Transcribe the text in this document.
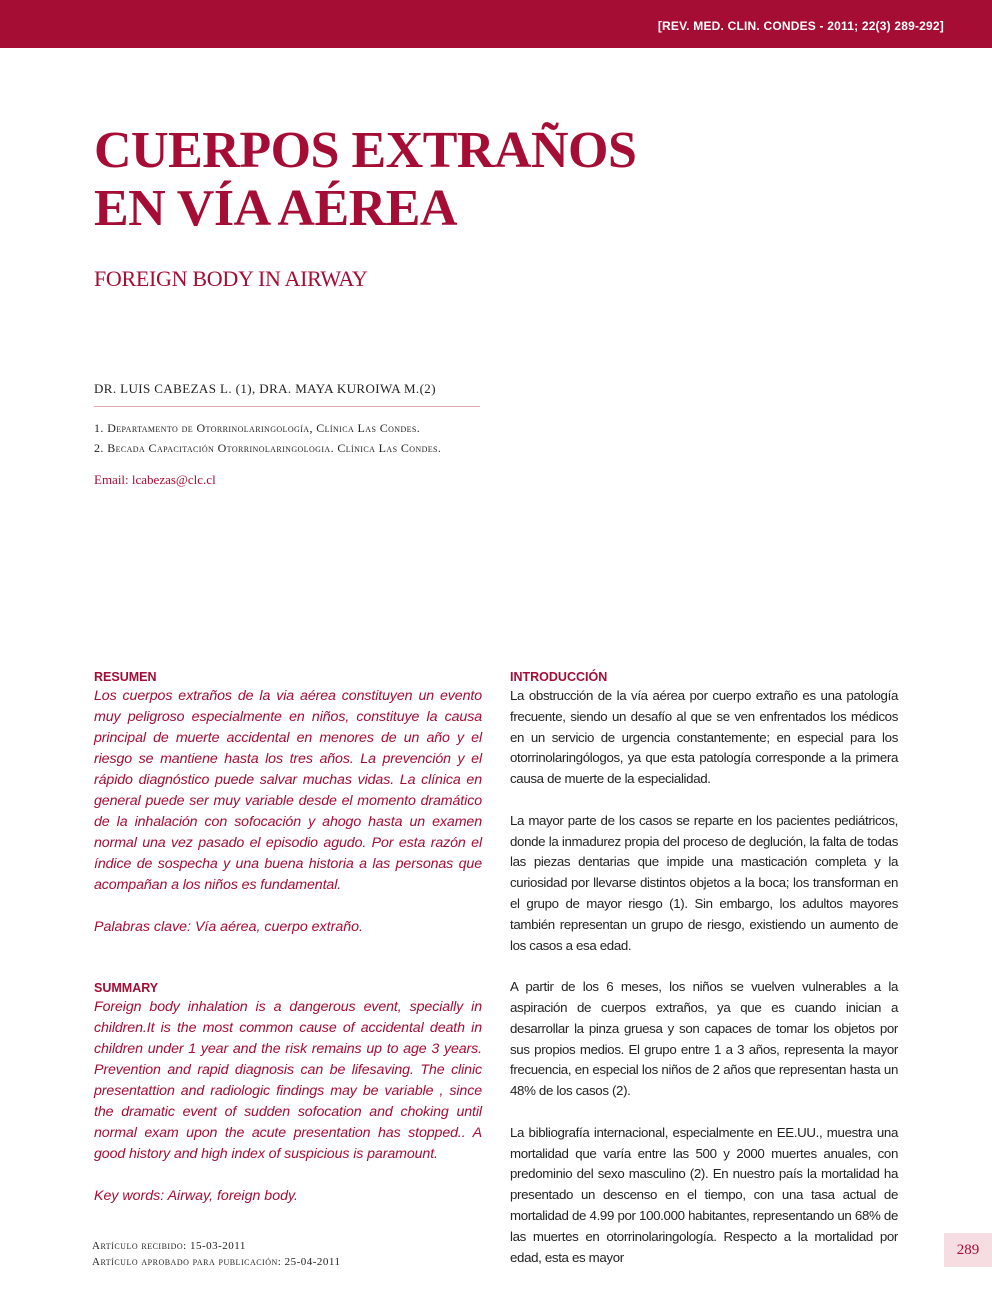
[REV. MED. CLIN. CONDES - 2011; 22(3) 289-292]
CUERPOS EXTRAÑOS
EN VÍA AÉREA
FOREIGN BODY IN AIRWAY
DR. LUIS CABEZAS L. (1), DRA. MAYA KUROIWA M.(2)
1. Departamento de Otorrinolaringología, Clínica Las Condes.
2. Becada Capacitación Otorrinolaringologia. Clínica Las Condes.
Email: lcabezas@clc.cl
RESUMEN

Los cuerpos extraños de la via aérea constituyen un evento muy peligroso especialmente en niños, constituye la causa principal de muerte accidental en menores de un año y el riesgo se mantiene hasta los tres años. La prevención y el rápido diagnóstico puede salvar muchas vidas. La clínica en general puede ser muy variable desde el momento dramático de la inhalación con sofocación y ahogo hasta un examen normal una vez pasado el episodio agudo. Por esta razón el índice de sospecha y una buena historia a las personas que acompañan a los niños es fundamental.

Palabras clave: Vía aérea, cuerpo extraño.

SUMMARY

Foreign body inhalation is a dangerous event, specially in children.It is the most common cause of accidental death in children under 1 year and the risk remains up to age 3 years. Prevention and rapid diagnosis can be lifesaving. The clinic presentattion and radiologic findings may be variable , since the dramatic event of sudden sofocation and choking until normal exam upon the acute presentation has stopped.. A good history and high index of suspicious is paramount.

Key words: Airway, foreign body.

INTRODUCCIÓN

La obstrucción de la vía aérea por cuerpo extraño es una patología frecuente, siendo un desafío al que se ven enfrentados los médicos en un servicio de urgencia constantemente; en especial para los otorrinolaringólogos, ya que esta patología corresponde a la primera causa de muerte de la especialidad.

La mayor parte de los casos se reparte en los pacientes pediátricos, donde la inmadurez propia del proceso de deglución, la falta de todas las piezas dentarias que impide una masticación completa y la curiosidad por llevarse distintos objetos a la boca; los transforman en el grupo de mayor riesgo (1). Sin embargo, los adultos mayores también representan un grupo de riesgo, existiendo un aumento de los casos a esa edad.

A partir de los 6 meses, los niños se vuelven vulnerables a la aspiración de cuerpos extraños, ya que es cuando inician a desarrollar la pinza gruesa y son capaces de tomar los objetos por sus propios medios. El grupo entre 1 a 3 años, representa la mayor frecuencia, en especial los niños de 2 años que representan hasta un 48% de los casos (2).

La bibliografía internacional, especialmente en EE.UU., muestra una mortalidad que varía entre las 500 y 2000 muertes anuales, con predominio del sexo masculino (2). En nuestro país la mortalidad ha presentado un descenso en el tiempo, con una tasa actual de mortalidad de 4.99 por 100.000 habitantes, representando un 68% de las muertes en otorrinolaringología. Respecto a la mortalidad por edad, esta es mayor

Artículo recibido: 15-03-2011
Artículo aprobado para publicación: 25-04-2011
289
